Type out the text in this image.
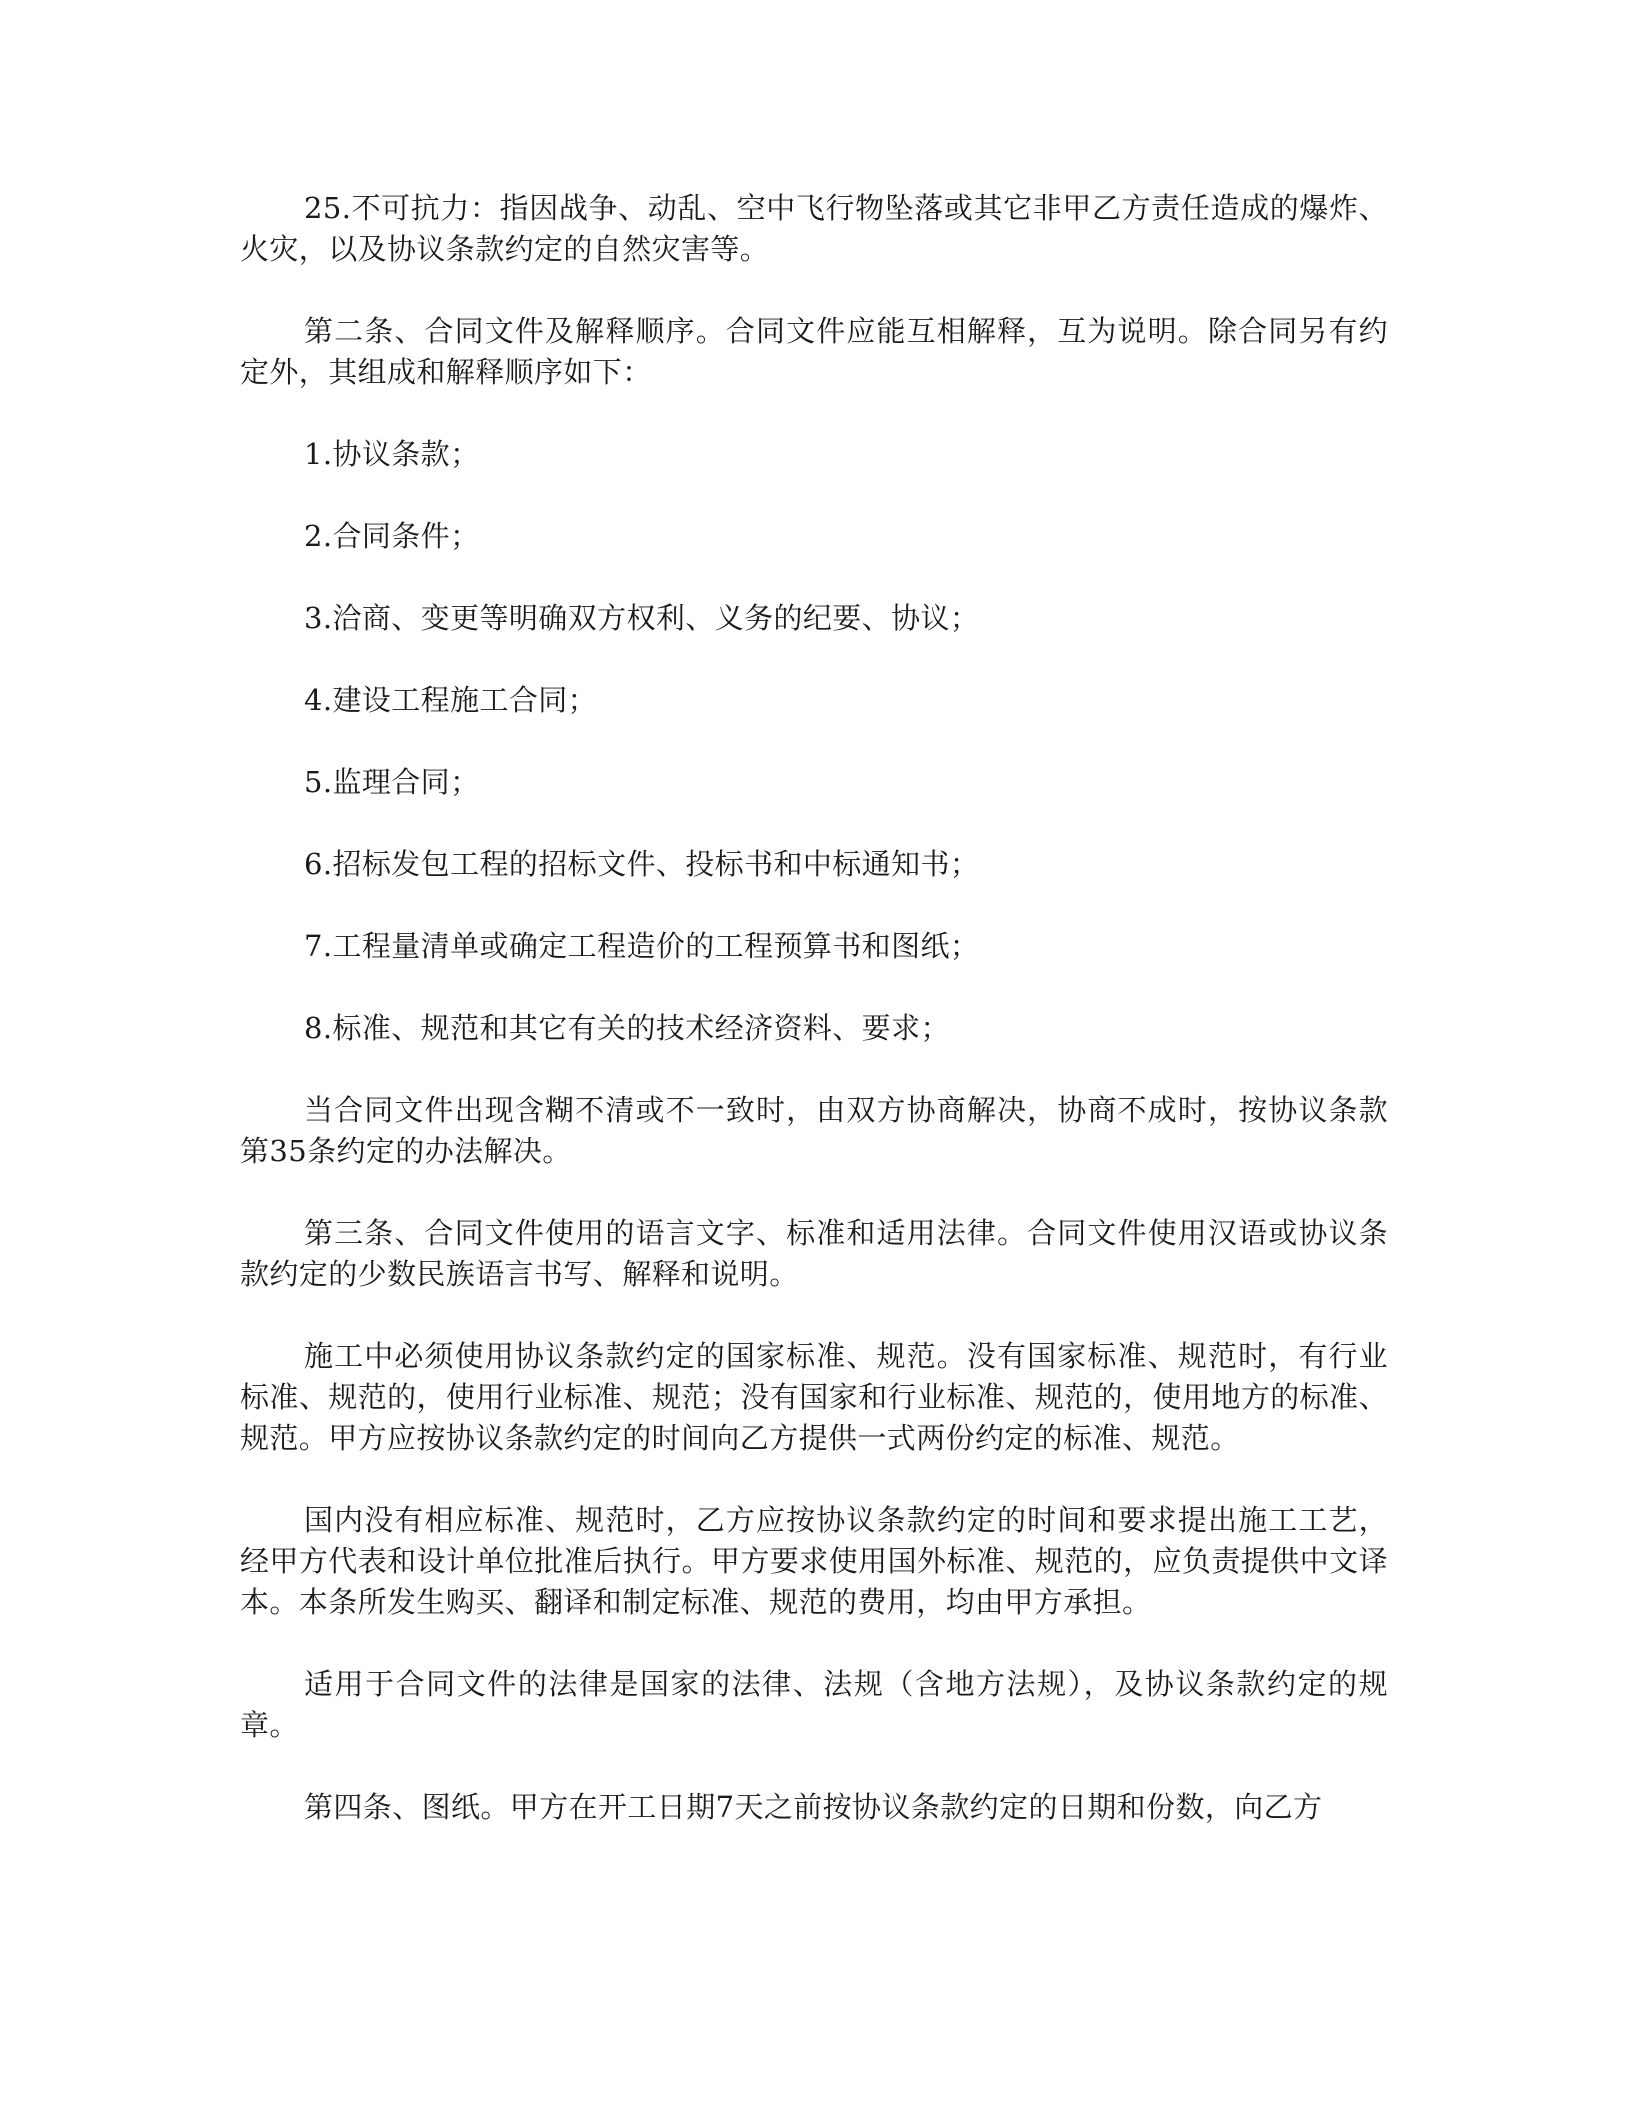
25.不可抗力：指因战争、动乱、空中飞行物坠落或其它非甲乙方责任造成的爆炸、火灾，以及协议条款约定的自然灾害等。

第二条、合同文件及解释顺序。合同文件应能互相解释，互为说明。除合同另有约定外，其组成和解释顺序如下：

1.协议条款；

2.合同条件；

3.洽商、变更等明确双方权利、义务的纪要、协议；

4.建设工程施工合同；

5.监理合同；

6.招标发包工程的招标文件、投标书和中标通知书；

7.工程量清单或确定工程造价的工程预算书和图纸；

8.标准、规范和其它有关的技术经济资料、要求；

当合同文件出现含糊不清或不一致时，由双方协商解决，协商不成时，按协议条款第35条约定的办法解决。

第三条、合同文件使用的语言文字、标准和适用法律。合同文件使用汉语或协议条款约定的少数民族语言书写、解释和说明。

施工中必须使用协议条款约定的国家标准、规范。没有国家标准、规范时，有行业标准、规范的，使用行业标准、规范；没有国家和行业标准、规范的，使用地方的标准、规范。甲方应按协议条款约定的时间向乙方提供一式两份约定的标准、规范。

国内没有相应标准、规范时，乙方应按协议条款约定的时间和要求提出施工工艺，经甲方代表和设计单位批准后执行。甲方要求使用国外标准、规范的，应负责提供中文译本。本条所发生购买、翻译和制定标准、规范的费用，均由甲方承担。

适用于合同文件的法律是国家的法律、法规（含地方法规），及协议条款约定的规章。

第四条、图纸。甲方在开工日期7天之前按协议条款约定的日期和份数，向乙方
